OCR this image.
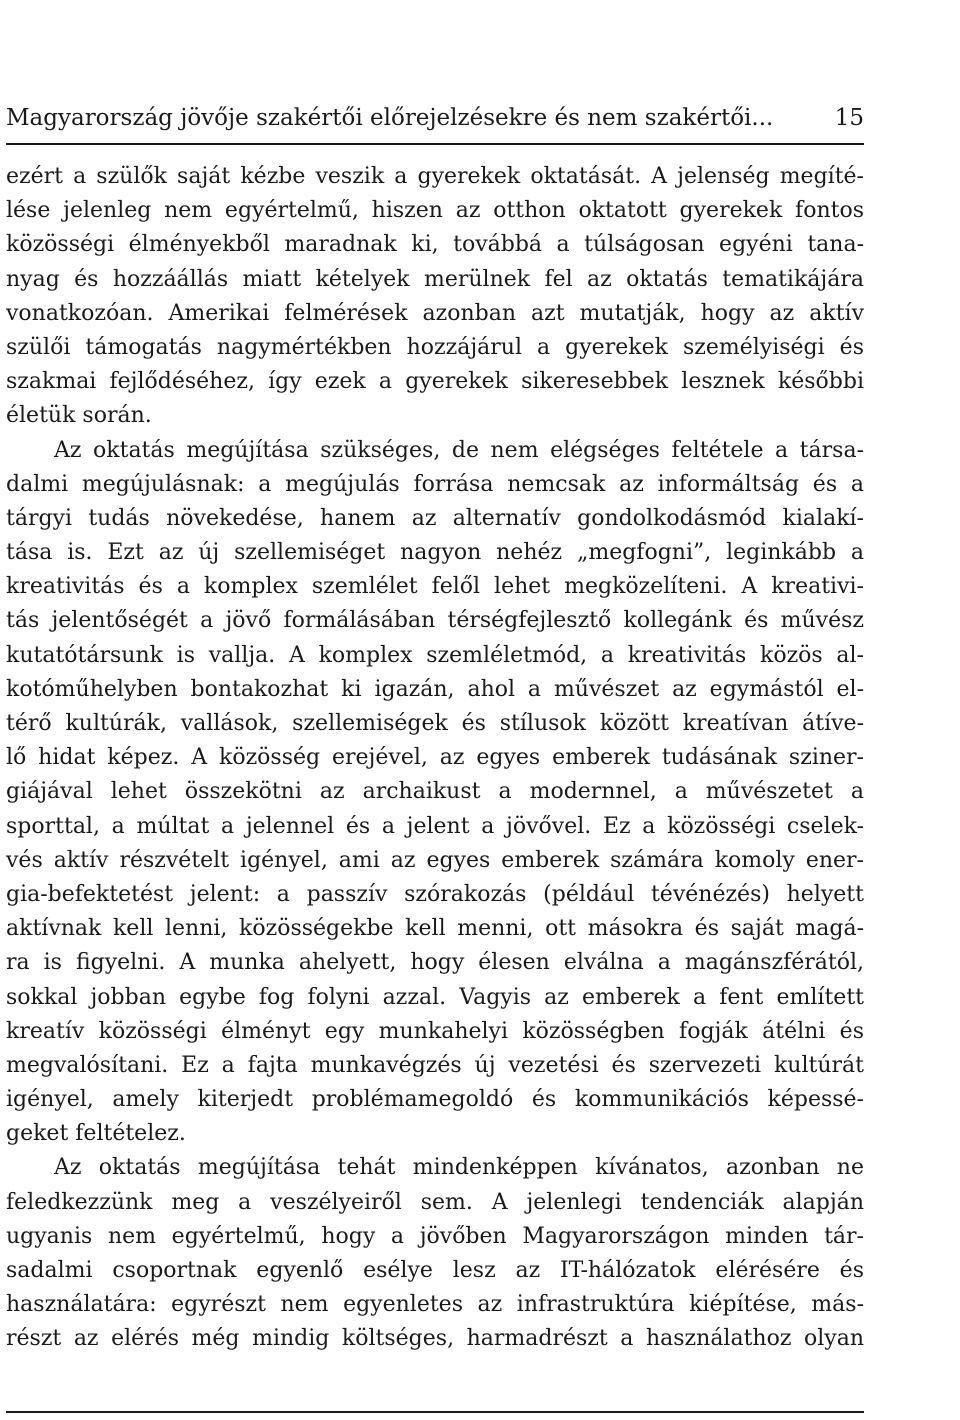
Magyarország jövője szakértői előrejelzésekre és nem szakértői...	15
ezért a szülők saját kézbe veszik a gyerekek oktatását. A jelenség megíté-
lése jelenleg nem egyértelmű, hiszen az otthon oktatott gyerekek fontos
közösségi élményekből maradnak ki, továbbá a túlságosan egyéni tana-
nyag és hozzáállás miatt kételyek merülnek fel az oktatás tematikájára
vonatkozóan. Amerikai felmérések azonban azt mutatják, hogy az aktív
szülői támogatás nagymértékben hozzájárul a gyerekek személyiségi és
szakmai fejlődéséhez, így ezek a gyerekek sikeresebbek lesznek későbbi
életük során.
Az oktatás megújítása szükséges, de nem elégséges feltétele a társa-
dalmi megújulásnak: a megújulás forrása nemcsak az informáltság és a
tárgyi tudás növekedése, hanem az alternatív gondolkodásmód kialakí-
tása is. Ezt az új szellemiséget nagyon nehéz „megfogni”, leginkább a
kreativitás és a komplex szemlélet felől lehet megközelíteni. A kreativi-
tás jelentőségét a jövő formálásában térségfejlesztő kollegánk és művész
kutatótársunk is vallja. A komplex szemléletmód, a kreativitás közös al-
kotóműhelyben bontakozhat ki igazán, ahol a művészet az egymástól el-
térő kultúrák, vallások, szellemiségek és stílusok között kreatívan átíve-
lő hidat képez. A közösség erejével, az egyes emberek tudásának sziner-
giájával lehet összekötni az archaikust a modernnel, a művészetet a
sporttal, a múltat a jelennel és a jelent a jövővel. Ez a közösségi cselek-
vés aktív részvételt igényel, ami az egyes emberek számára komoly ener-
gia-befektetést jelent: a passzív szórakozás (például tévénézés) helyett
aktívnak kell lenni, közösségekbe kell menni, ott másokra és saját magá-
ra is figyelni. A munka ahelyett, hogy élesen elválna a magánszférától,
sokkal jobban egybe fog folyni azzal. Vagyis az emberek a fent említett
kreatív közösségi élményt egy munkahelyi közösségben fogják átélni és
megvalósítani. Ez a fajta munkavégzés új vezetési és szervezeti kultúrát
igényel, amely kiterjedt problémamegoldó és kommunikációs képessé-
geket feltételez.
Az oktatás megújítása tehát mindenképpen kívánatos, azonban ne
feledkezzünk meg a veszélyeiről sem. A jelenlegi tendenciák alapján
ugyanis nem egyértelmű, hogy a jövőben Magyarországon minden tár-
sadalmi csoportnak egyenlő esélye lesz az IT-hálózatok elérésére és
használatára: egyrészt nem egyenletes az infrastruktúra kiépítése, más-
részt az elérés még mindig költséges, harmadrészt a használathoz olyan
